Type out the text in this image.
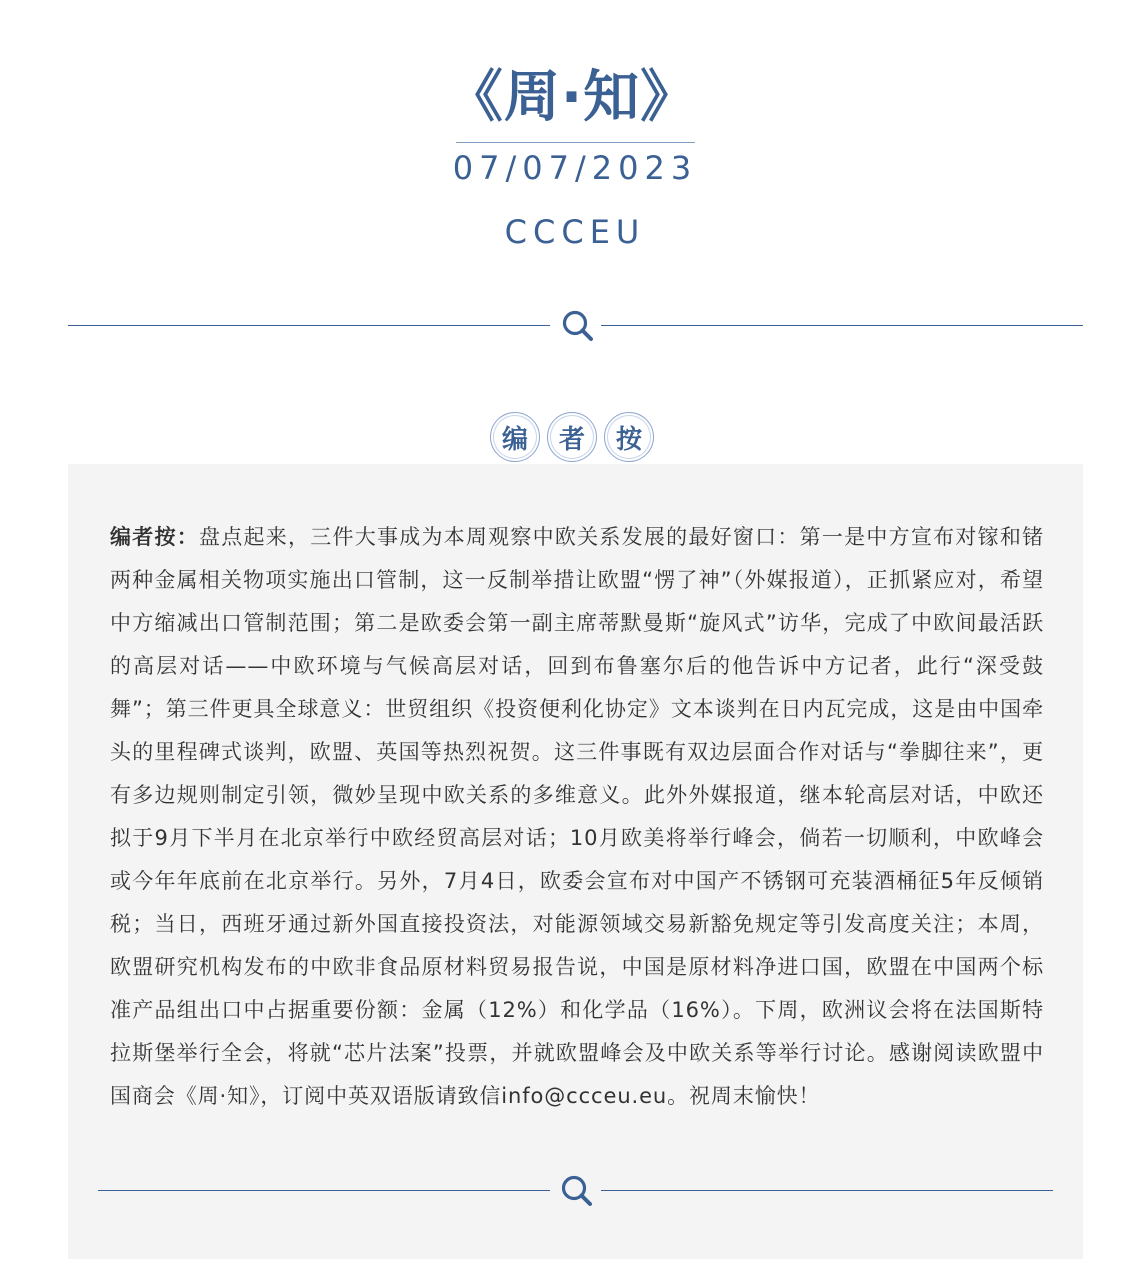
《周·知》
07/07/2023
CCCEU
编	者	按
编者按：盘点起来，三件大事成为本周观察中欧关系发展的最好窗口：第一是中方宣布对镓和锗两种金属相关物项实施出口管制，这一反制举措让欧盟“愣了神”（外媒报道），正抓紧应对，希望中方缩减出口管制范围；第二是欧委会第一副主席蒂默曼斯“旋风式”访华，完成了中欧间最活跃的高层对话——中欧环境与气候高层对话，回到布鲁塞尔后的他告诉中方记者，此行“深受鼓舞”；第三件更具全球意义：世贸组织《投资便利化协定》文本谈判在日内瓦完成，这是由中国牵头的里程碑式谈判，欧盟、英国等热烈祝贺。这三件事既有双边层面合作对话与“拳脚往来”，更有多边规则制定引领，微妙呈现中欧关系的多维意义。此外外媒报道，继本轮高层对话，中欧还拟于9月下半月在北京举行中欧经贸高层对话；10月欧美将举行峰会，倘若一切顺利，中欧峰会或今年年底前在北京举行。另外，7月4日，欧委会宣布对中国产不锈钢可充装酒桶征5年反倾销税；当日，西班牙通过新外国直接投资法，对能源领域交易新豁免规定等引发高度关注；本周，欧盟研究机构发布的中欧非食品原材料贸易报告说，中国是原材料净进口国，欧盟在中国两个标准产品组出口中占据重要份额：金属（12%）和化学品（16%）。下周，欧洲议会将在法国斯特拉斯堡举行全会，将就“芯片法案”投票，并就欧盟峰会及中欧关系等举行讨论。感谢阅读欧盟中国商会《周·知》，订阅中英双语版请致信info@ccceu.eu。祝周末愉快！
